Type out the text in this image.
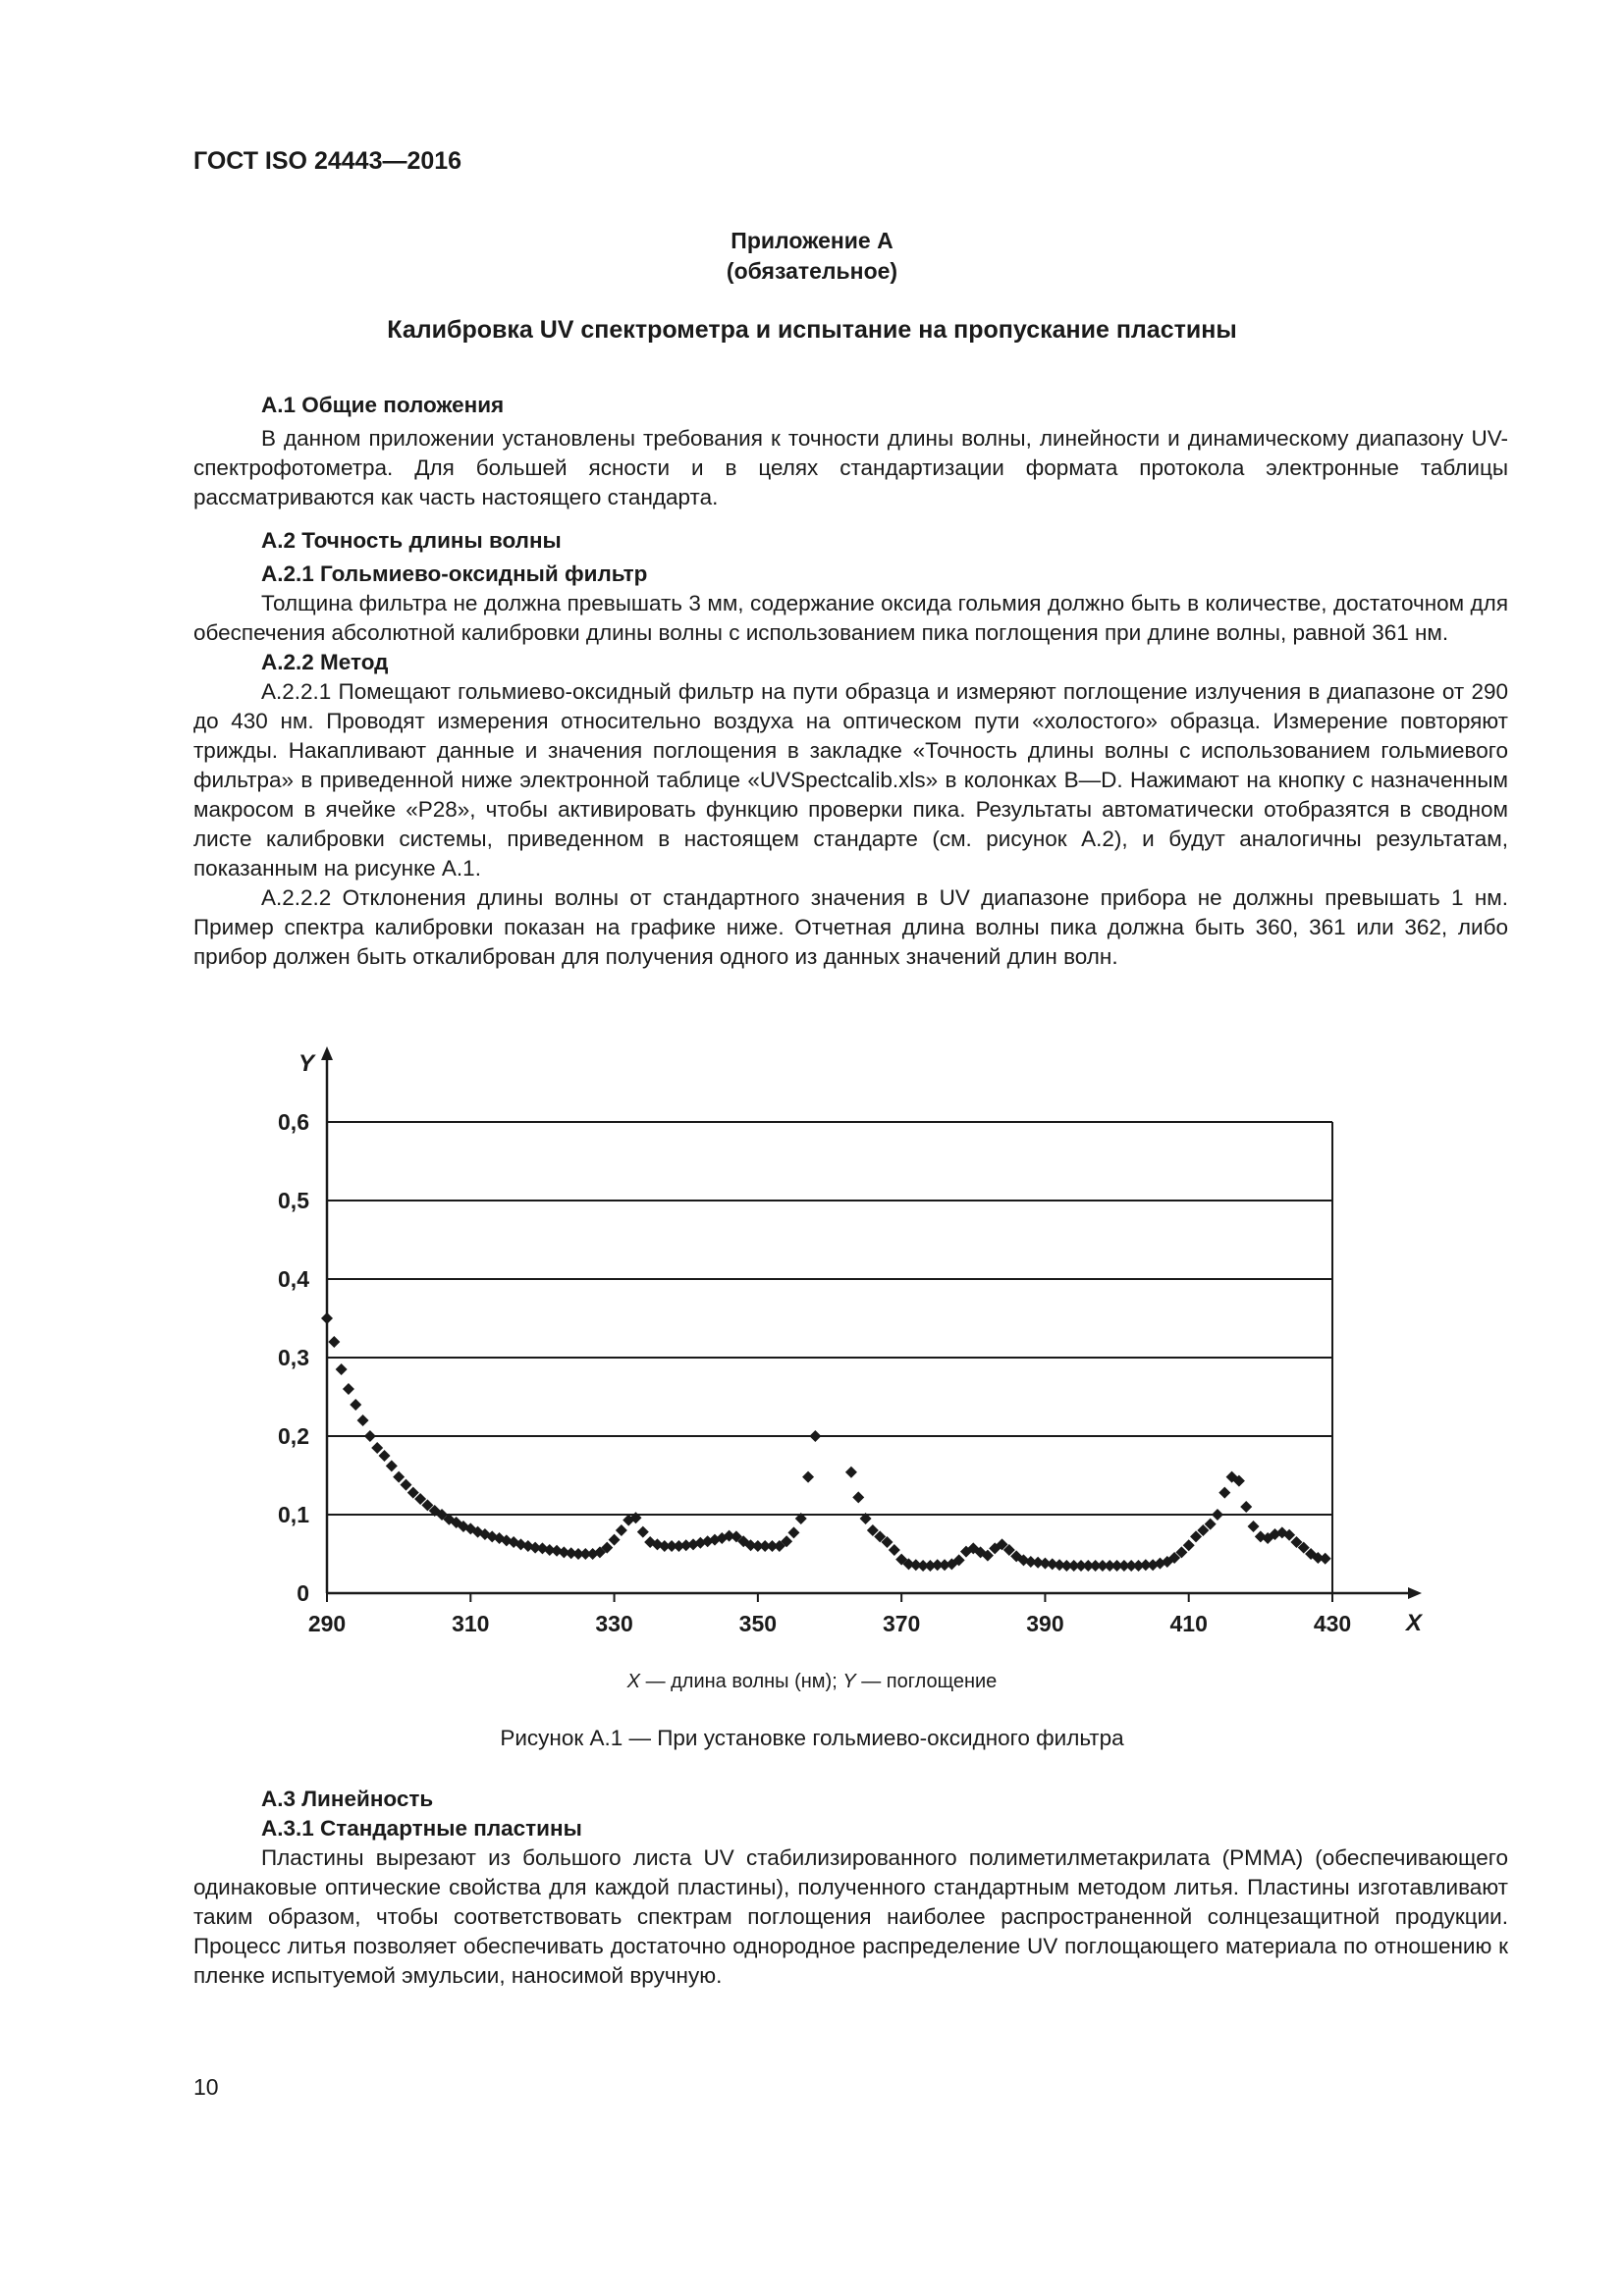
ГОСТ ISO 24443—2016
Приложение А
(обязательное)
Калибровка UV спектрометра и испытание на пропускание пластины
А.1 Общие положения

В данном приложении установлены требования к точности длины волны, линейности и динамическому диапазону UV-спектрофотометра. Для большей ясности и в целях стандартизации формата протокола электронные таблицы рассматриваются как часть настоящего стандарта.

А.2 Точность длины волны
А.2.1 Гольмиево-оксидный фильтр

Толщина фильтра не должна превышать 3 мм, содержание оксида гольмия должно быть в количестве, достаточном для обеспечения абсолютной калибровки длины волны с использованием пика поглощения при длине волны, равной 361 нм.

А.2.2 Метод

А.2.2.1 Помещают гольмиево-оксидный фильтр на пути образца и измеряют поглощение излучения в диапазоне от 290 до 430 нм. Проводят измерения относительно воздуха на оптическом пути «холостого» образца. Измерение повторяют трижды. Накапливают данные и значения поглощения в закладке «Точность длины волны с использованием гольмиевого фильтра» в приведенной ниже электронной таблице «UVSpectcalib.xls» в колонках B—D. Нажимают на кнопку с назначенным макросом в ячейке «P28», чтобы активировать функцию проверки пика. Результаты автоматически отобразятся в сводном листе калибровки системы, приведенном в настоящем стандарте (см. рисунок А.2), и будут аналогичны результатам, показанным на рисунке А.1.

А.2.2.2 Отклонения длины волны от стандартного значения в UV диапазоне прибора не должны превышать 1 нм. Пример спектра калибровки показан на графике ниже. Отчетная длина волны пика должна быть 360, 361 или 362, либо прибор должен быть откалиброван для получения одного из данных значений длин волн.

0
0,1
0,2
0,3
0,4
0,5
0,6
290	310	330	350	370	390	410	430 X
Y
X — длина волны (нм); Y — поглощение
Рисунок А.1 — При установке гольмиево-оксидного фильтра
А.3 Линейность
А.3.1 Стандартные пластины

Пластины вырезают из большого листа UV стабилизированного полиметилметакрилата (PMMA) (обеспечивающего одинаковые оптические свойства для каждой пластины), полученного стандартным методом литья. Пластины изготавливают таким образом, чтобы соответствовать спектрам поглощения наиболее распространенной солнцезащитной продукции. Процесс литья позволяет обеспечивать достаточно однородное распределение UV поглощающего материала по отношению к пленке испытуемой эмульсии, наносимой вручную.

10
